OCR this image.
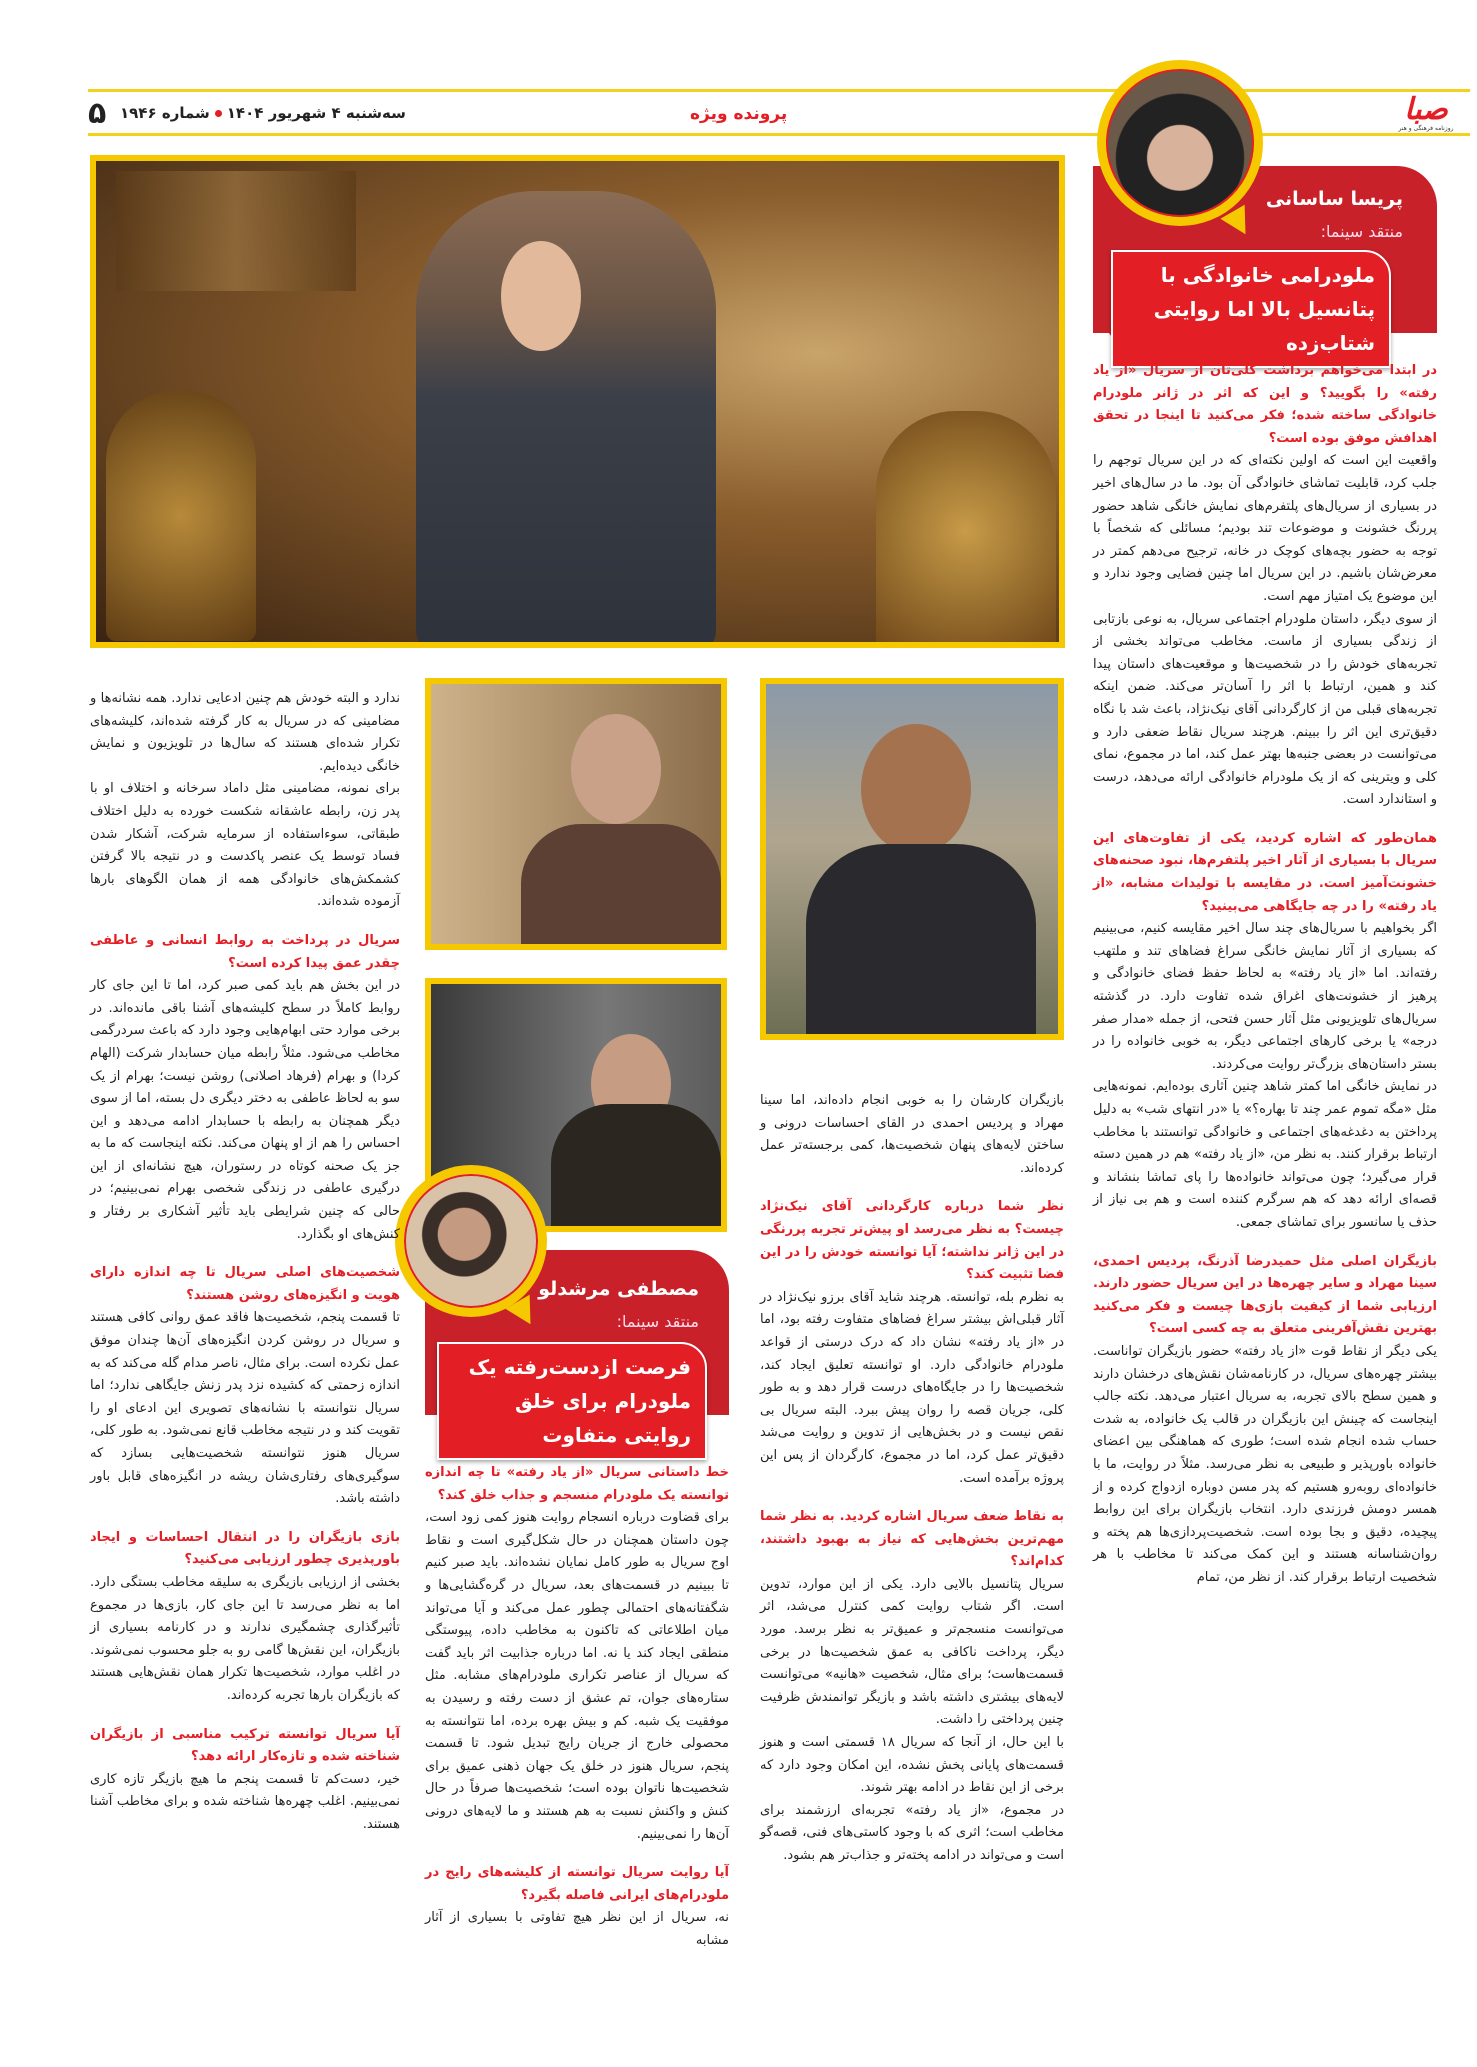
۵	سه‌شنبه ۴ شهریور ۱۴۰۴شماره ۱۹۴۶	پرونده ویژه	صبا
روزنامه فرهنگی و هنر
پریسا ساسانی
منتقد سینما:
ملودرامی خانوادگی با پتانسیل بالا اما روایتی شتاب‌زده
مصطفی مرشدلو
منتقد سینما:
فرصت ازدست‌رفته یک ملودرام برای خلق روایتی متفاوت
در ابتدا می‌خواهم برداشت کلی‌تان از سریال «از یاد رفته» را بگویید؟ و این که اثر در ژانر ملودرام خانوادگی ساخته شده؛ فکر می‌کنید تا اینجا در تحقق اهدافش موفق بوده است؟

واقعیت این است که اولین نکته‌ای که در این سریال توجهم را جلب کرد، قابلیت تماشای خانوادگی آن بود. ما در سال‌های اخیر در بسیاری از سریال‌های پلتفرم‌های نمایش خانگی شاهد حضور پررنگ خشونت و موضوعات تند بودیم؛ مسائلی که شخصاً با توجه به حضور بچه‌های کوچک در خانه، ترجیح می‌دهم کمتر در معرض‌شان باشیم. در این سریال اما چنین فضایی وجود ندارد و این موضوع یک امتیاز مهم است.

از سوی دیگر، داستان ملودرام اجتماعی سریال، به نوعی بازتابی از زندگی بسیاری از ماست. مخاطب می‌تواند بخشی از تجربه‌های خودش را در شخصیت‌ها و موقعیت‌های داستان پیدا کند و همین، ارتباط با اثر را آسان‌تر می‌کند. ضمن اینکه تجربه‌های قبلی من از کارگردانی آقای نیک‌نژاد، باعث شد با نگاه دقیق‌تری این اثر را ببینم. هرچند سریال نقاط ضعفی دارد و می‌توانست در بعضی جنبه‌ها بهتر عمل کند، اما در مجموع، نمای کلی و ویترینی که از یک ملودرام خانوادگی ارائه می‌دهد، درست و استاندارد است.

همان‌طور که اشاره کردید، یکی از تفاوت‌های این سریال با بسیاری از آثار اخیر پلتفرم‌ها، نبود صحنه‌های خشونت‌آمیز است. در مقایسه با تولیدات مشابه، «از یاد رفته» را در چه جایگاهی می‌بینید؟

اگر بخواهیم با سریال‌های چند سال اخیر مقایسه کنیم، می‌بینیم که بسیاری از آثار نمایش خانگی سراغ فضاهای تند و ملتهب رفته‌اند. اما «از یاد رفته» به لحاظ حفظ فضای خانوادگی و پرهیز از خشونت‌های اغراق شده تفاوت دارد. در گذشته سریال‌های تلویزیونی مثل آثار حسن فتحی، از جمله «مدار صفر درجه» یا برخی کارهای اجتماعی دیگر، به خوبی خانواده را در بستر داستان‌های بزرگ‌تر روایت می‌کردند.

در نمایش خانگی اما کمتر شاهد چنین آثاری بوده‌ایم. نمونه‌هایی مثل «مگه تموم عمر چند تا بهاره؟» یا «در انتهای شب» به دلیل پرداختن به دغدغه‌های اجتماعی و خانوادگی توانستند با مخاطب ارتباط برقرار کنند. به نظر من، «از یاد رفته» هم در همین دسته قرار می‌گیرد؛ چون می‌تواند خانواده‌ها را پای تماشا بنشاند و قصه‌ای ارائه دهد که هم سرگرم کننده است و هم بی نیاز از حذف یا سانسور برای تماشای جمعی.

بازیگران اصلی مثل حمیدرضا آذرنگ، پردیس احمدی، سینا مهراد و سایر چهره‌ها در این سریال حضور دارند. ارزیابی شما از کیفیت بازی‌ها چیست و فکر می‌کنید بهترین نقش‌آفرینی متعلق به چه کسی است؟

یکی دیگر از نقاط قوت «از یاد رفته» حضور بازیگران تواناست. بیشتر چهره‌های سریال، در کارنامه‌شان نقش‌های درخشان دارند و همین سطح بالای تجربه، به سریال اعتبار می‌دهد. نکته جالب اینجاست که چینش این بازیگران در قالب یک خانواده، به شدت حساب شده انجام شده است؛ طوری که هماهنگی بین اعضای خانواده باورپذیر و طبیعی به نظر می‌رسد. مثلاً در روایت، ما با خانواده‌ای روبه‌رو هستیم که پدر مسن دوباره ازدواج کرده و از همسر دومش فرزندی دارد. انتخاب بازیگران برای این روابط پیچیده، دقیق و بجا بوده است. شخصیت‌پردازی‌ها هم پخته و روان‌شناسانه هستند و این کمک می‌کند تا مخاطب با هر شخصیت ارتباط برقرار کند. از نظر من، تمام

بازیگران کارشان را به خوبی انجام داده‌اند، اما سینا مهراد و پردیس احمدی در القای احساسات درونی و ساختن لایه‌های پنهان شخصیت‌ها، کمی برجسته‌تر عمل کرده‌اند.

نظر شما درباره کارگردانی آقای نیک‌نژاد چیست؟ به نظر می‌رسد او پیش‌تر تجربه پررنگی در این ژانر نداشته؛ آیا توانسته خودش را در این فضا تثبیت کند؟

به نظرم بله، توانسته. هرچند شاید آقای برزو نیک‌نژاد در آثار قبلی‌اش بیشتر سراغ فضاهای متفاوت رفته بود، اما در «از یاد رفته» نشان داد که درک درستی از قواعد ملودرام خانوادگی دارد. او توانسته تعلیق ایجاد کند، شخصیت‌ها را در جایگاه‌های درست قرار دهد و به طور کلی، جریان قصه را روان پیش ببرد. البته سریال بی نقص نیست و در بخش‌هایی از تدوین و روایت می‌شد دقیق‌تر عمل کرد، اما در مجموع، کارگردان از پس این پروژه برآمده است.

به نقاط ضعف سریال اشاره کردید. به نظر شما مهم‌ترین بخش‌هایی که نیاز به بهبود داشتند، کدام‌اند؟

سریال پتانسیل بالایی دارد. یکی از این موارد، تدوین است. اگر شتاب روایت کمی کنترل می‌شد، اثر می‌توانست منسجم‌تر و عمیق‌تر به نظر برسد. مورد دیگر، پرداخت ناکافی به عمق شخصیت‌ها در برخی قسمت‌هاست؛ برای مثال، شخصیت «هانیه» می‌توانست لایه‌های بیشتری داشته باشد و بازیگر توانمندش ظرفیت چنین پرداختی را داشت.

با این حال، از آنجا که سریال ۱۸ قسمتی است و هنوز قسمت‌های پایانی پخش نشده، این امکان وجود دارد که برخی از این نقاط در ادامه بهتر شوند.

در مجموع، «از یاد رفته» تجربه‌ای ارزشمند برای مخاطب است؛ اثری که با وجود کاستی‌های فنی، قصه‌گو است و می‌تواند در ادامه پخته‌تر و جذاب‌تر هم بشود.

خط داستانی سریال «از یاد رفته» تا چه اندازه توانسته یک ملودرام منسجم و جذاب خلق کند؟

برای قضاوت درباره انسجام روایت هنوز کمی زود است، چون داستان همچنان در حال شکل‌گیری است و نقاط اوج سریال به طور کامل نمایان نشده‌اند. باید صبر کنیم تا ببینیم در قسمت‌های بعد، سریال در گره‌گشایی‌ها و شگفتانه‌های احتمالی چطور عمل می‌کند و آیا می‌تواند میان اطلاعاتی که تاکنون به مخاطب داده، پیوستگی منطقی ایجاد کند یا نه. اما درباره جذابیت اثر باید گفت که سریال از عناصر تکراری ملودرام‌های مشابه. مثل ستاره‌های جوان، تم عشق از دست رفته و رسیدن به موفقیت یک شبه. کم و بیش بهره برده، اما نتوانسته به محصولی خارج از جریان رایج تبدیل شود. تا قسمت پنجم، سریال هنوز در خلق یک جهان ذهنی عمیق برای شخصیت‌ها ناتوان بوده است؛ شخصیت‌ها صرفاً در حال کنش و واکنش نسبت به هم هستند و ما لایه‌های درونی آن‌ها را نمی‌بینیم.

آیا روایت سریال توانسته از کلیشه‌های رایج در ملودرام‌های ایرانی فاصله بگیرد؟

نه، سریال از این نظر هیچ تفاوتی با بسیاری از آثار مشابه

ندارد و البته خودش هم چنین ادعایی ندارد. همه نشانه‌ها و مضامینی که در سریال به کار گرفته شده‌اند، کلیشه‌های تکرار شده‌ای هستند که سال‌ها در تلویزیون و نمایش خانگی دیده‌ایم.

برای نمونه، مضامینی مثل داماد سرخانه و اختلاف او با پدر زن، رابطه عاشقانه شکست خورده به دلیل اختلاف طبقاتی، سوءاستفاده از سرمایه شرکت، آشکار شدن فساد توسط یک عنصر پاکدست و در نتیجه بالا گرفتن کشمکش‌های خانوادگی همه از همان الگوهای بارها آزموده شده‌اند.

سریال در پرداخت به روابط انسانی و عاطفی چقدر عمق پیدا کرده است؟

در این بخش هم باید کمی صبر کرد، اما تا این جای کار روابط کاملاً در سطح کلیشه‌های آشنا باقی مانده‌اند. در برخی موارد حتی ابهام‌هایی وجود دارد که باعث سردرگمی مخاطب می‌شود. مثلاً رابطه میان حسابدار شرکت (الهام کردا) و بهرام (فرهاد اصلانی) روشن نیست؛ بهرام از یک سو به لحاظ عاطفی به دختر دیگری دل بسته، اما از سوی دیگر همچنان به رابطه با حسابدار ادامه می‌دهد و این احساس را هم از او پنهان می‌کند. نکته اینجاست که ما به جز یک صحنه کوتاه در رستوران، هیچ نشانه‌ای از این درگیری عاطفی در زندگی شخصی بهرام نمی‌بینیم؛ در حالی که چنین شرایطی باید تأثیر آشکاری بر رفتار و کنش‌های او بگذارد.

شخصیت‌های اصلی سریال تا چه اندازه دارای هویت و انگیزه‌های روشن هستند؟

تا قسمت پنجم، شخصیت‌ها فاقد عمق روانی کافی هستند و سریال در روشن کردن انگیزه‌های آن‌ها چندان موفق عمل نکرده است. برای مثال، ناصر مدام گله می‌کند که به اندازه زحمتی که کشیده نزد پدر زنش جایگاهی ندارد؛ اما سریال نتوانسته با نشانه‌های تصویری این ادعای او را تقویت کند و در نتیجه مخاطب قانع نمی‌شود. به طور کلی، سریال هنوز نتوانسته شخصیت‌هایی بسازد که سوگیری‌های رفتاری‌شان ریشه در انگیزه‌های قابل باور داشته باشد.

بازی بازیگران را در انتقال احساسات و ایجاد باورپذیری چطور ارزیابی می‌کنید؟

بخشی از ارزیابی بازیگری به سلیقه مخاطب بستگی دارد. اما به نظر می‌رسد تا این جای کار، بازی‌ها در مجموع تأثیرگذاری چشمگیری ندارند و در کارنامه بسیاری از بازیگران، این نقش‌ها گامی رو به جلو محسوب نمی‌شوند. در اغلب موارد، شخصیت‌ها تکرار همان نقش‌هایی هستند که بازیگران بارها تجربه کرده‌اند.

آیا سریال توانسته ترکیب مناسبی از بازیگران شناخته شده و تازه‌کار ارائه دهد؟

خیر، دست‌کم تا قسمت پنجم ما هیچ بازیگر تازه کاری نمی‌بینیم. اغلب چهره‌ها شناخته شده و برای مخاطب آشنا هستند.
